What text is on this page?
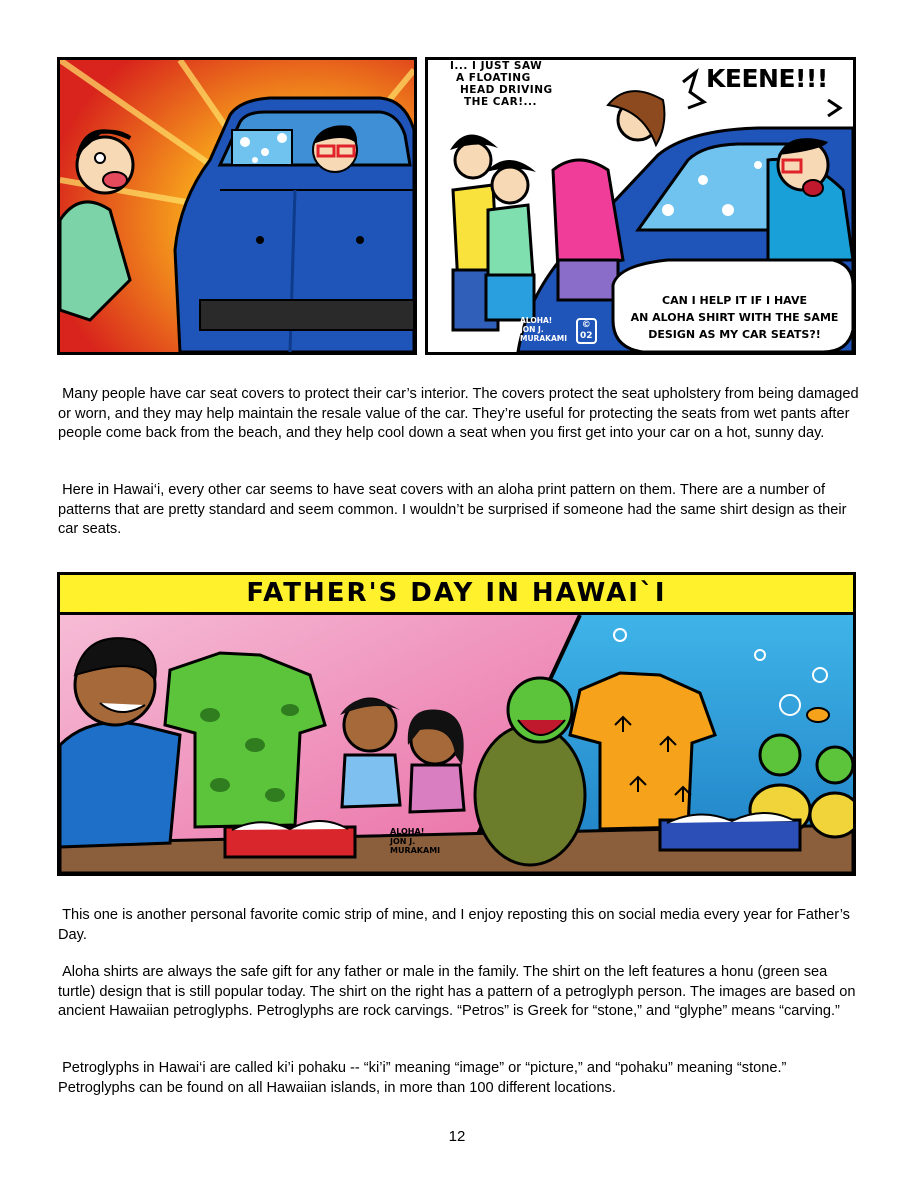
I... I JUST SAW
A FLOATING
HEAD DRIVING
THE CAR!...
KEENE!!!
CAN I HELP IT IF I HAVE
AN ALOHA SHIRT WITH THE SAME
DESIGN AS MY CAR SEATS?!
ALOHA!
JON J.
MURAKAMI
©
02

Many people have car seat covers to protect their car’s interior. The covers protect the seat upholstery from being damaged or worn, and they may help maintain the resale value of the car. They’re useful for protecting the seats from wet pants after people come back from the beach, and they help cool down a seat when you first get into your car on a hot, sunny day.

Here in Hawai‘i, every other car seems to have seat covers with an aloha print pattern on them. There are a number of patterns that are pretty standard and seem common. I wouldn’t be surprised if someone had the same shirt design as their car seats.

FATHER'S DAY IN HAWAI`I
ALOHA!
JON J.
MURAKAMI

This one is another personal favorite comic strip of mine, and I enjoy reposting this on social media every year for Father’s Day.

Aloha shirts are always the safe gift for any father or male in the family. The shirt on the left features a honu (green sea turtle) design that is still popular today. The shirt on the right has a pattern of a petroglyph person. The images are based on ancient Hawaiian petroglyphs. Petroglyphs are rock carvings. “Petros” is Greek for “stone,” and “glyphe” means “carving.”

Petroglyphs in Hawai‘i are called ki’i pohaku -- “ki’i” meaning “image” or “picture,” and “pohaku” meaning “stone.”  Petroglyphs can be found on all Hawaiian islands, in more than 100 different locations.

12
